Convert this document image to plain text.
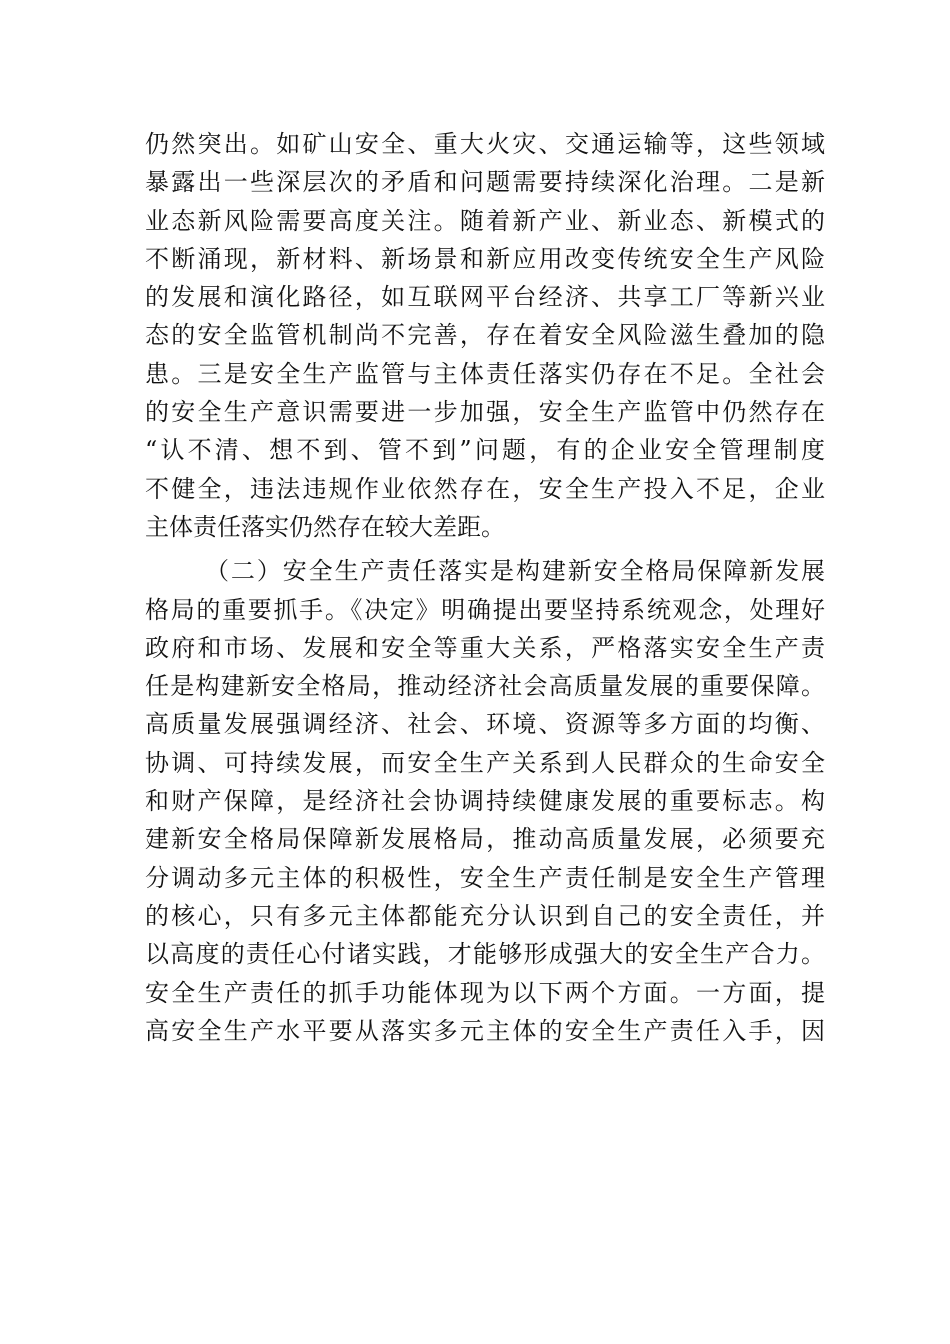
仍然突出。如矿山安全、重大火灾、交通运输等，这些领域
暴露出一些深层次的矛盾和问题需要持续深化治理。二是新
业态新风险需要高度关注。随着新产业、新业态、新模式的
不断涌现，新材料、新场景和新应用改变传统安全生产风险
的发展和演化路径，如互联网平台经济、共享工厂等新兴业
态的安全监管机制尚不完善，存在着安全风险滋生叠加的隐
患。三是安全生产监管与主体责任落实仍存在不足。全社会
的安全生产意识需要进一步加强，安全生产监管中仍然存在
“认不清、想不到、管不到”问题，有的企业安全管理制度
不健全，违法违规作业依然存在，安全生产投入不足，企业
主体责任落实仍然存在较大差距。
（二）安全生产责任落实是构建新安全格局保障新发展
格局的重要抓手。《决定》明确提出要坚持系统观念，处理好
政府和市场、发展和安全等重大关系，严格落实安全生产责
任是构建新安全格局，推动经济社会高质量发展的重要保障。
高质量发展强调经济、社会、环境、资源等多方面的均衡、
协调、可持续发展，而安全生产关系到人民群众的生命安全
和财产保障，是经济社会协调持续健康发展的重要标志。构
建新安全格局保障新发展格局，推动高质量发展，必须要充
分调动多元主体的积极性，安全生产责任制是安全生产管理
的核心，只有多元主体都能充分认识到自己的安全责任，并
以高度的责任心付诸实践，才能够形成强大的安全生产合力。
安全生产责任的抓手功能体现为以下两个方面。一方面，提
高安全生产水平要从落实多元主体的安全生产责任入手，因
